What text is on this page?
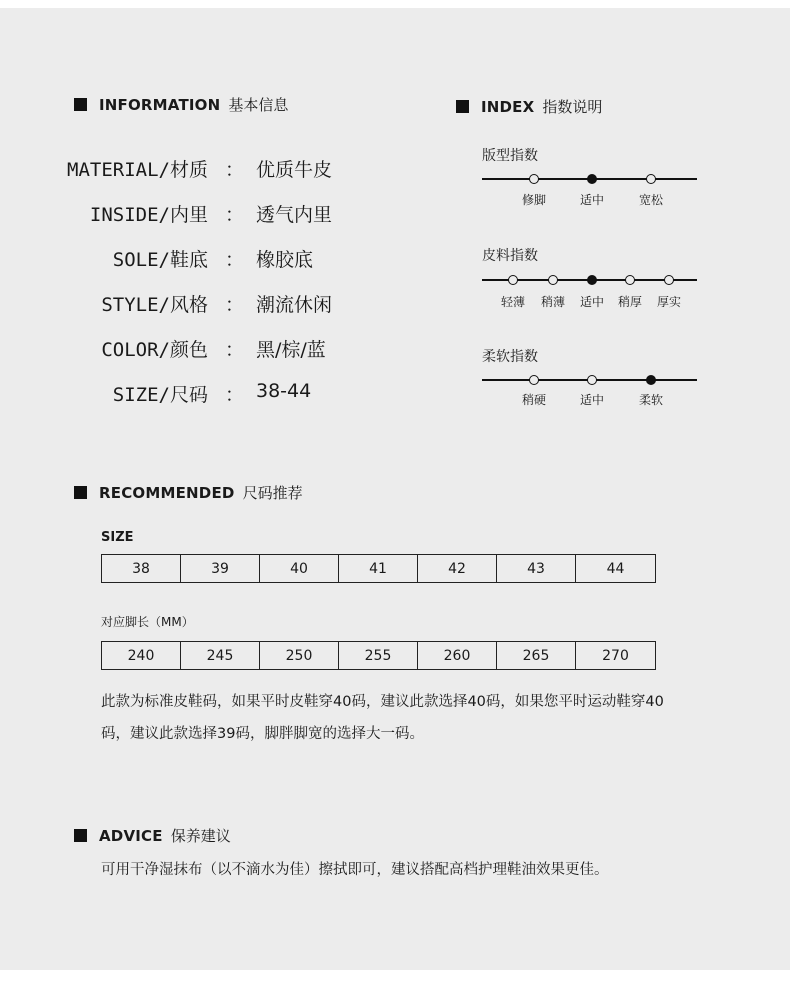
INFORMATION 基本信息
MATERIAL/材质 ： 优质牛皮
INSIDE/内里 ： 透气内里
SOLE/鞋底 ： 橡胶底
STYLE/风格 ： 潮流休闲
COLOR/颜色 ： 黑/棕/蓝
SIZE/尺码 ： 38-44
INDEX 指数说明
版型指数
修脚	适中	宽松
皮料指数
轻薄 稍薄 适中 稍厚 厚实
柔软指数
稍硬	适中	柔软
RECOMMENDED 尺码推荐
SIZE
38	39	40	41	42	43	44
对应脚长（MM）
240	245	250	255	260	265	270
此款为标准皮鞋码，如果平时皮鞋穿40码，建议此款选择40码，如果您平时运动鞋穿40
码，建议此款选择39码，脚胖脚宽的选择大一码。
ADVICE 保养建议
可用干净湿抹布（以不滴水为佳）擦拭即可，建议搭配高档护理鞋油效果更佳。
